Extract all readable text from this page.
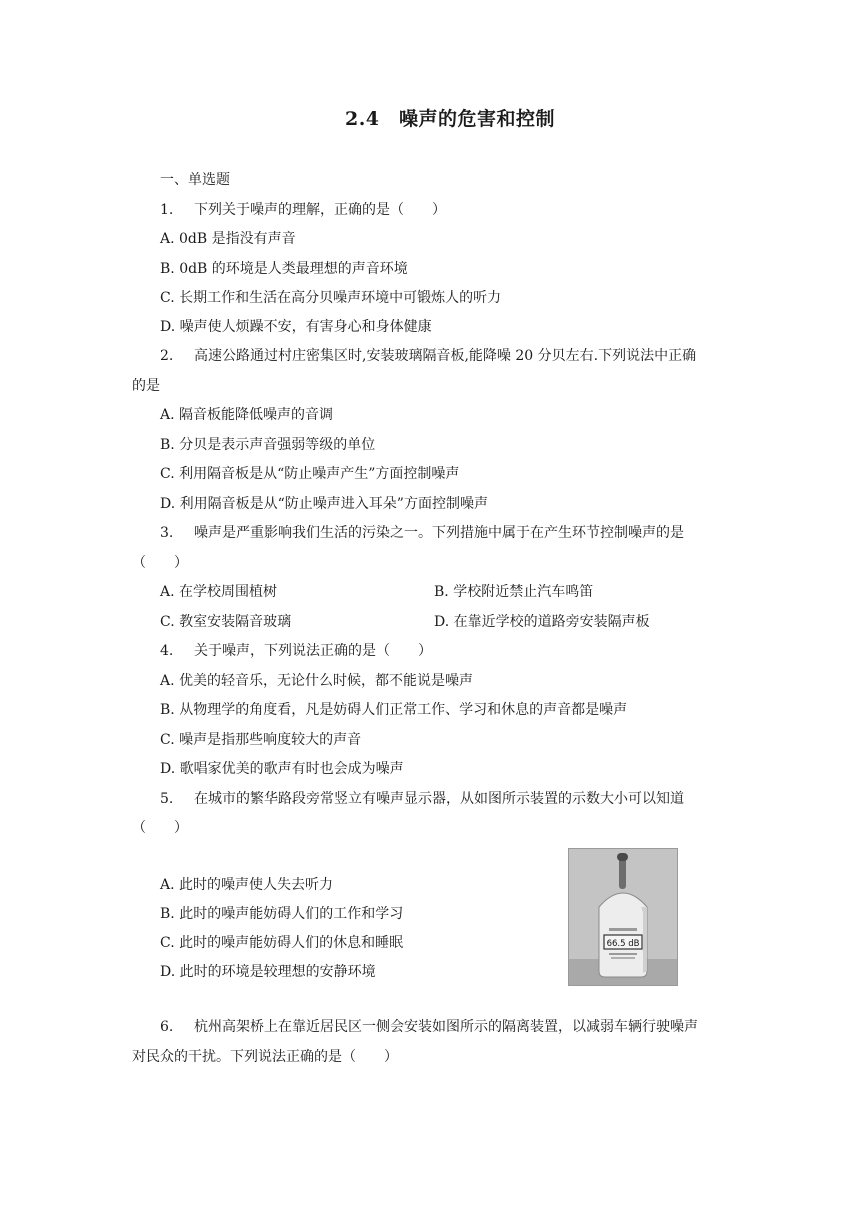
2.4　噪声的危害和控制
一、单选题
1. 下列关于噪声的理解，正确的是（　　）
A. 0dB 是指没有声音
B. 0dB 的环境是人类最理想的声音环境
C. 长期工作和生活在高分贝噪声环境中可锻炼人的听力
D. 噪声使人烦躁不安，有害身心和身体健康
2. 高速公路通过村庄密集区时,安装玻璃隔音板,能降噪 20 分贝左右.下列说法中正确
的是
A. 隔音板能降低噪声的音调
B. 分贝是表示声音强弱等级的单位
C. 利用隔音板是从“防止噪声产生”方面控制噪声
D. 利用隔音板是从“防止噪声进入耳朵”方面控制噪声
3. 噪声是严重影响我们生活的污染之一。下列措施中属于在产生环节控制噪声的是
（　　）
A. 在学校周围植树	B. 学校附近禁止汽车鸣笛
C. 教室安装隔音玻璃	D. 在靠近学校的道路旁安装隔声板
4. 关于噪声，下列说法正确的是（　　）
A. 优美的轻音乐，无论什么时候，都不能说是噪声
B. 从物理学的角度看，凡是妨碍人们正常工作、学习和休息的声音都是噪声
C. 噪声是指那些响度较大的声音
D. 歌唱家优美的歌声有时也会成为噪声
5. 在城市的繁华路段旁常竖立有噪声显示器，从如图所示装置的示数大小可以知道
（　　）
A. 此时的噪声使人失去听力
B. 此时的噪声能妨碍人们的工作和学习
C. 此时的噪声能妨碍人们的休息和睡眠
D. 此时的环境是较理想的安静环境
66.5 dB
6. 杭州高架桥上在靠近居民区一侧会安装如图所示的隔离装置，以减弱车辆行驶噪声
对民众的干扰。下列说法正确的是（　　）
